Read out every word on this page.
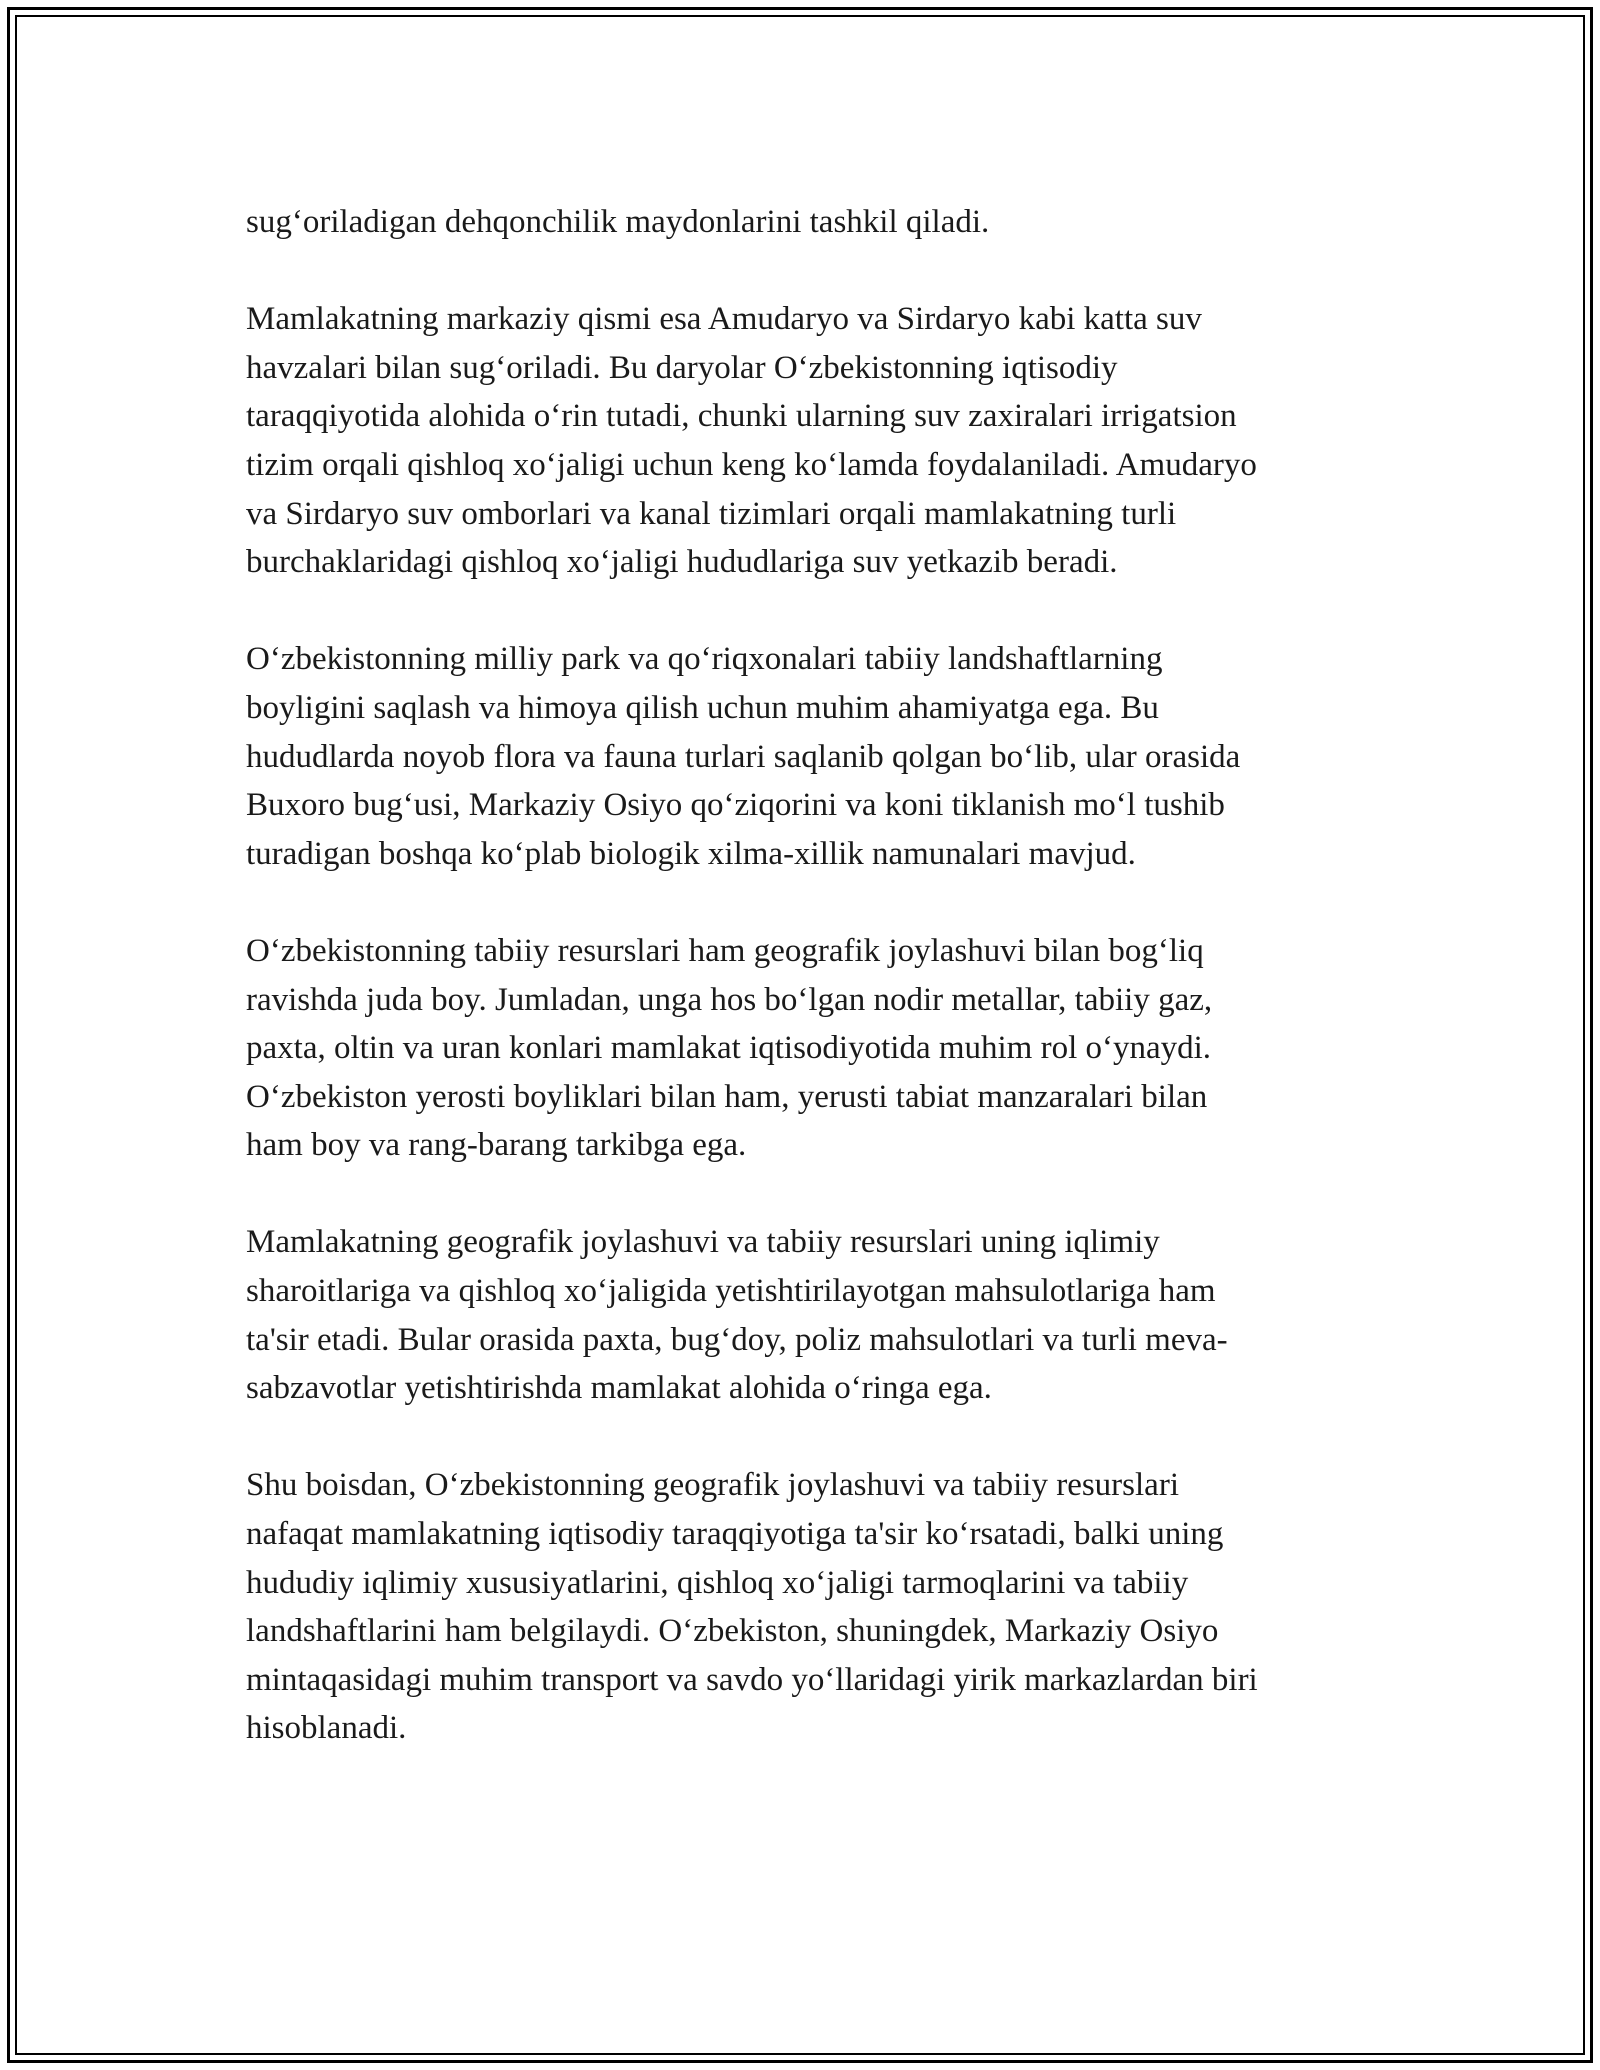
sug‘oriladigan dehqonchilik maydonlarini tashkil qiladi.

Mamlakatning markaziy qismi esa Amudaryo va Sirdaryo kabi katta suv
havzalari bilan sug‘oriladi. Bu daryolar O‘zbekistonning iqtisodiy
taraqqiyotida alohida o‘rin tutadi, chunki ularning suv zaxiralari irrigatsion
tizim orqali qishloq xo‘jaligi uchun keng ko‘lamda foydalaniladi. Amudaryo
va Sirdaryo suv omborlari va kanal tizimlari orqali mamlakatning turli
burchaklaridagi qishloq xo‘jaligi hududlariga suv yetkazib beradi.

O‘zbekistonning milliy park va qo‘riqxonalari tabiiy landshaftlarning
boyligini saqlash va himoya qilish uchun muhim ahamiyatga ega. Bu
hududlarda noyob flora va fauna turlari saqlanib qolgan bo‘lib, ular orasida
Buxoro bug‘usi, Markaziy Osiyo qo‘ziqorini va koni tiklanish mo‘l tushib
turadigan boshqa ko‘plab biologik xilma-xillik namunalari mavjud.

O‘zbekistonning tabiiy resurslari ham geografik joylashuvi bilan bog‘liq
ravishda juda boy. Jumladan, unga hos bo‘lgan nodir metallar, tabiiy gaz,
paxta, oltin va uran konlari mamlakat iqtisodiyotida muhim rol o‘ynaydi.
O‘zbekiston yerosti boyliklari bilan ham, yerusti tabiat manzaralari bilan
ham boy va rang-barang tarkibga ega.

Mamlakatning geografik joylashuvi va tabiiy resurslari uning iqlimiy
sharoitlariga va qishloq xo‘jaligida yetishtirilayotgan mahsulotlariga ham
ta'sir etadi. Bular orasida paxta, bug‘doy, poliz mahsulotlari va turli meva-
sabzavotlar yetishtirishda mamlakat alohida o‘ringa ega.

Shu boisdan, O‘zbekistonning geografik joylashuvi va tabiiy resurslari
nafaqat mamlakatning iqtisodiy taraqqiyotiga ta'sir ko‘rsatadi, balki uning
hududiy iqlimiy xususiyatlarini, qishloq xo‘jaligi tarmoqlarini va tabiiy
landshaftlarini ham belgilaydi. O‘zbekiston, shuningdek, Markaziy Osiyo
mintaqasidagi muhim transport va savdo yo‘llaridagi yirik markazlardan biri
hisoblanadi.
